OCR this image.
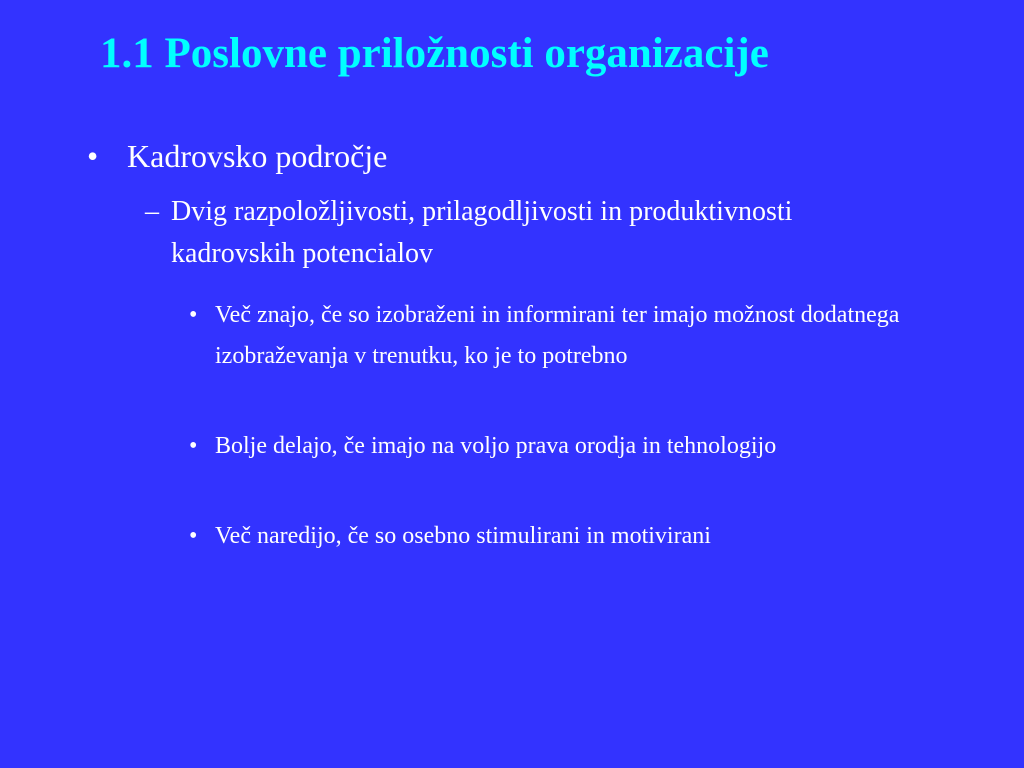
1.1 Poslovne priložnosti organizacije
• Kadrovsko področje
– Dvig razpoložljivosti, prilagodljivosti in produktivnosti kadrovskih potencialov
• Več znajo, če so izobraženi in informirani ter imajo možnost dodatnega izobraževanja v trenutku, ko je to potrebno
• Bolje delajo, če imajo na voljo prava orodja in tehnologijo
• Več naredijo, če so osebno stimulirani in motivirani
